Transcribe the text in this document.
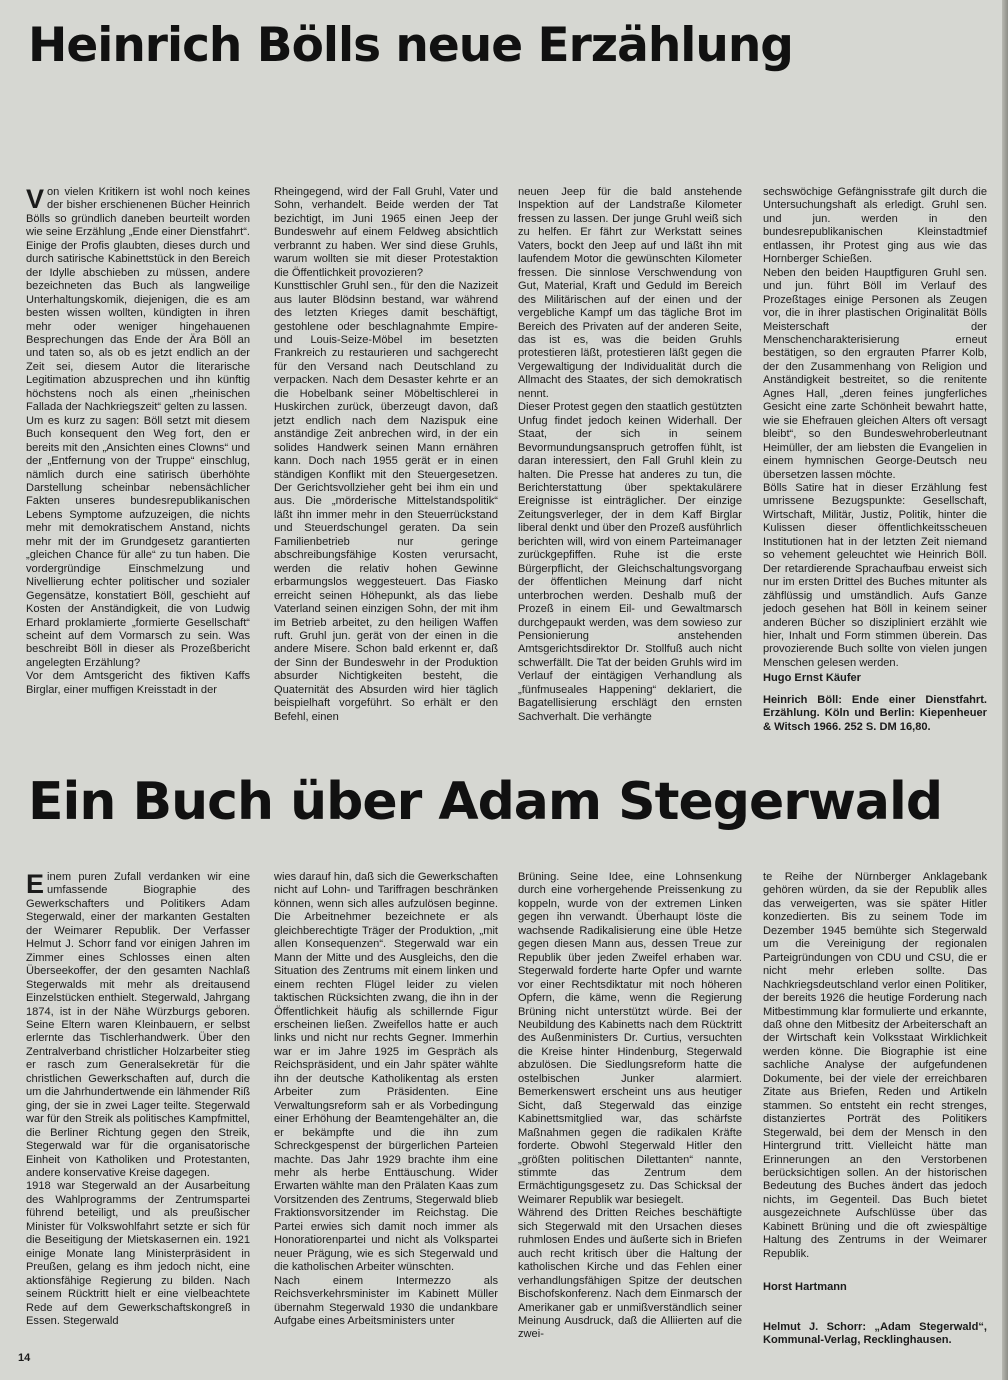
Heinrich Bölls neue Erzählung

Von vielen Kritikern ist wohl noch keines der bisher erschienenen Bücher Heinrich Bölls so gründlich daneben beurteilt worden wie seine Erzählung „Ende einer Dienstfahrt“. Einige der Profis glaubten, dieses durch und durch satirische Kabinettstück in den Bereich der Idylle abschieben zu müssen, andere bezeichneten das Buch als langweilige Unterhaltungskomik, diejenigen, die es am besten wissen wollten, kündigten in ihren mehr oder weniger hingehauenen Besprechungen das Ende der Ära Böll an und taten so, als ob es jetzt endlich an der Zeit sei, diesem Autor die literarische Legitimation abzusprechen und ihn künftig höchstens noch als einen „rheinischen Fallada der Nachkriegszeit“ gelten zu lassen.
Um es kurz zu sagen: Böll setzt mit diesem Buch konsequent den Weg fort, den er bereits mit den „Ansichten eines Clowns“ und der „Entfernung von der Truppe“ einschlug, nämlich durch eine satirisch überhöhte Darstellung scheinbar nebensächlicher Fakten unseres bundesrepublikanischen Lebens Symptome aufzuzeigen, die nichts mehr mit demokratischem Anstand, nichts mehr mit der im Grundgesetz garantierten „gleichen Chance für alle“ zu tun haben. Die vordergründige Einschmelzung und Nivellierung echter politischer und sozialer Gegensätze, konstatiert Böll, geschieht auf Kosten der Anständigkeit, die von Ludwig Erhard proklamierte „formierte Gesellschaft“ scheint auf dem Vormarsch zu sein. Was beschreibt Böll in dieser als Prozeßbericht angelegten Erzählung?
Vor dem Amtsgericht des fiktiven Kaffs Birglar, einer muffigen Kreisstadt in der

Rheingegend, wird der Fall Gruhl, Vater und Sohn, verhandelt. Beide werden der Tat bezichtigt, im Juni 1965 einen Jeep der Bundeswehr auf einem Feldweg absichtlich verbrannt zu haben. Wer sind diese Gruhls, warum wollten sie mit dieser Protestaktion die Öffentlichkeit provozieren?
Kunsttischler Gruhl sen., für den die Nazizeit aus lauter Blödsinn bestand, war während des letzten Krieges damit beschäftigt, gestohlene oder beschlagnahmte Empire- und Louis-Seize-Möbel im besetzten Frankreich zu restaurieren und sachgerecht für den Versand nach Deutschland zu verpacken. Nach dem Desaster kehrte er an die Hobelbank seiner Möbeltischlerei in Huskirchen zurück, überzeugt davon, daß jetzt endlich nach dem Nazispuk eine anständige Zeit anbrechen wird, in der ein solides Handwerk seinen Mann ernähren kann. Doch nach 1955 gerät er in einen ständigen Konflikt mit den Steuergesetzen. Der Gerichtsvollzieher geht bei ihm ein und aus. Die „mörderische Mittelstandspolitik“ läßt ihn immer mehr in den Steuerrückstand und Steuerdschungel geraten. Da sein Familienbetrieb nur geringe abschreibungsfähige Kosten verursacht, werden die relativ hohen Gewinne erbarmungslos weggesteuert. Das Fiasko erreicht seinen Höhepunkt, als das liebe Vaterland seinen einzigen Sohn, der mit ihm im Betrieb arbeitet, zu den heiligen Waffen ruft. Gruhl jun. gerät von der einen in die andere Misere. Schon bald erkennt er, daß der Sinn der Bundeswehr in der Produktion absurder Nichtigkeiten besteht, die Quaternität des Absurden wird hier täglich beispielhaft vorgeführt. So erhält er den Befehl, einen

neuen Jeep für die bald anstehende Inspektion auf der Landstraße Kilometer fressen zu lassen. Der junge Gruhl weiß sich zu helfen. Er fährt zur Werkstatt seines Vaters, bockt den Jeep auf und läßt ihn mit laufendem Motor die gewünschten Kilometer fressen. Die sinnlose Verschwendung von Gut, Material, Kraft und Geduld im Bereich des Militärischen auf der einen und der vergebliche Kampf um das tägliche Brot im Bereich des Privaten auf der anderen Seite, das ist es, was die beiden Gruhls protestieren läßt, protestieren läßt gegen die Vergewaltigung der Individualität durch die Allmacht des Staates, der sich demokratisch nennt.
Dieser Protest gegen den staatlich gestützten Unfug findet jedoch keinen Widerhall. Der Staat, der sich in seinem Bevormundungsanspruch getroffen fühlt, ist daran interessiert, den Fall Gruhl klein zu halten. Die Presse hat anderes zu tun, die Berichterstattung über spektakulärere Ereignisse ist einträglicher. Der einzige Zeitungsverleger, der in dem Kaff Birglar liberal denkt und über den Prozeß ausführlich berichten will, wird von einem Parteimanager zurückgepfiffen. Ruhe ist die erste Bürgerpflicht, der Gleichschaltungsvorgang der öffentlichen Meinung darf nicht unterbrochen werden. Deshalb muß der Prozeß in einem Eil- und Gewaltmarsch durchgepaukt werden, was dem sowieso zur Pensionierung anstehenden Amtsgerichtsdirektor Dr. Stollfuß auch nicht schwerfällt. Die Tat der beiden Gruhls wird im Verlauf der eintägigen Verhandlung als „fünfmuseales Happening“ deklariert, die Bagatellisierung erschlägt den ernsten Sachverhalt. Die verhängte

sechswöchige Gefängnisstrafe gilt durch die Untersuchungshaft als erledigt. Gruhl sen. und jun. werden in den bundesrepublikanischen Kleinstadtmief entlassen, ihr Protest ging aus wie das Hornberger Schießen.
Neben den beiden Hauptfiguren Gruhl sen. und jun. führt Böll im Verlauf des Prozeßtages einige Personen als Zeugen vor, die in ihrer plastischen Originalität Bölls Meisterschaft der Menschencharakterisierung erneut bestätigen, so den ergrauten Pfarrer Kolb, der den Zusammenhang von Religion und Anständigkeit bestreitet, so die renitente Agnes Hall, „deren feines jungferliches Gesicht eine zarte Schönheit bewahrt hatte, wie sie Ehefrauen gleichen Alters oft versagt bleibt“, so den Bundeswehroberleutnant Heimüller, der am liebsten die Evangelien in einem hymnischen George-Deutsch neu übersetzen lassen möchte.
Bölls Satire hat in dieser Erzählung fest umrissene Bezugspunkte: Gesellschaft, Wirtschaft, Militär, Justiz, Politik, hinter die Kulissen dieser öffentlichkeitsscheuen Institutionen hat in der letzten Zeit niemand so vehement geleuchtet wie Heinrich Böll. Der retardierende Sprachaufbau erweist sich nur im ersten Drittel des Buches mitunter als zähflüssig und umständlich. Aufs Ganze jedoch gesehen hat Böll in keinem seiner anderen Bücher so diszipliniert erzählt wie hier, Inhalt und Form stimmen überein. Das provozierende Buch sollte von vielen jungen Menschen gelesen werden.

Hugo Ernst Käufer

Heinrich Böll: Ende einer Dienstfahrt. Erzählung. Köln und Berlin: Kiepenheuer & Witsch 1966. 252 S. DM 16,80.

Ein Buch über Adam Stegerwald

Einem puren Zufall verdanken wir eine umfassende Biographie des Gewerkschafters und Politikers Adam Stegerwald, einer der markanten Gestalten der Weimarer Republik. Der Verfasser Helmut J. Schorr fand vor einigen Jahren im Zimmer eines Schlosses einen alten Überseekoffer, der den gesamten Nachlaß Stegerwalds mit mehr als dreitausend Einzelstücken enthielt. Stegerwald, Jahrgang 1874, ist in der Nähe Würzburgs geboren. Seine Eltern waren Kleinbauern, er selbst erlernte das Tischlerhandwerk. Über den Zentralverband christlicher Holzarbeiter stieg er rasch zum Generalsekretär für die christlichen Gewerkschaften auf, durch die um die Jahrhundertwende ein lähmender Riß ging, der sie in zwei Lager teilte. Stegerwald war für den Streik als politisches Kampfmittel, die Berliner Richtung gegen den Streik, Stegerwald war für die organisatorische Einheit von Katholiken und Protestanten, andere konservative Kreise dagegen.
1918 war Stegerwald an der Ausarbeitung des Wahlprogramms der Zentrumspartei führend beteiligt, und als preußischer Minister für Volkswohlfahrt setzte er sich für die Beseitigung der Mietskasernen ein. 1921 einige Monate lang Ministerpräsident in Preußen, gelang es ihm jedoch nicht, eine aktionsfähige Regierung zu bilden. Nach seinem Rücktritt hielt er eine vielbeachtete Rede auf dem Gewerkschaftskongreß in Essen. Stegerwald

wies darauf hin, daß sich die Gewerkschaften nicht auf Lohn- und Tariffragen beschränken können, wenn sich alles aufzulösen beginne. Die Arbeitnehmer bezeichnete er als gleichberechtigte Träger der Produktion, „mit allen Konsequenzen“. Stegerwald war ein Mann der Mitte und des Ausgleichs, den die Situation des Zentrums mit einem linken und einem rechten Flügel leider zu vielen taktischen Rücksichten zwang, die ihn in der Öffentlichkeit häufig als schillernde Figur erscheinen ließen. Zweifellos hatte er auch links und nicht nur rechts Gegner. Immerhin war er im Jahre 1925 im Gespräch als Reichspräsident, und ein Jahr später wählte ihn der deutsche Katholikentag als ersten Arbeiter zum Präsidenten. Eine Verwaltungsreform sah er als Vorbedingung einer Erhöhung der Beamtengehälter an, die er bekämpfte und die ihn zum Schreckgespenst der bürgerlichen Parteien machte. Das Jahr 1929 brachte ihm eine mehr als herbe Enttäuschung. Wider Erwarten wählte man den Prälaten Kaas zum Vorsitzenden des Zentrums, Stegerwald blieb Fraktionsvorsitzender im Reichstag. Die Partei erwies sich damit noch immer als Honoratiorenpartei und nicht als Volkspartei neuer Prägung, wie es sich Stegerwald und die katholischen Arbeiter wünschten.
Nach einem Intermezzo als Reichsverkehrsminister im Kabinett Müller übernahm Stegerwald 1930 die undankbare Aufgabe eines Arbeitsministers unter

Brüning. Seine Idee, eine Lohnsenkung durch eine vorhergehende Preissenkung zu koppeln, wurde von der extremen Linken gegen ihn verwandt. Überhaupt löste die wachsende Radikalisierung eine üble Hetze gegen diesen Mann aus, dessen Treue zur Republik über jeden Zweifel erhaben war. Stegerwald forderte harte Opfer und warnte vor einer Rechtsdiktatur mit noch höheren Opfern, die käme, wenn die Regierung Brüning nicht unterstützt würde. Bei der Neubildung des Kabinetts nach dem Rücktritt des Außenministers Dr. Curtius, versuchten die Kreise hinter Hindenburg, Stegerwald abzulösen. Die Siedlungsreform hatte die ostelbischen Junker alarmiert. Bemerkenswert erscheint uns aus heutiger Sicht, daß Stegerwald das einzige Kabinettsmitglied war, das schärfste Maßnahmen gegen die radikalen Kräfte forderte. Obwohl Stegerwald Hitler den „größten politischen Dilettanten“ nannte, stimmte das Zentrum dem Ermächtigungsgesetz zu. Das Schicksal der Weimarer Republik war besiegelt.
Während des Dritten Reiches beschäftigte sich Stegerwald mit den Ursachen dieses ruhmlosen Endes und äußerte sich in Briefen auch recht kritisch über die Haltung der katholischen Kirche und das Fehlen einer verhandlungsfähigen Spitze der deutschen Bischofskonferenz. Nach dem Einmarsch der Amerikaner gab er unmißverständlich seiner Meinung Ausdruck, daß die Alliierten auf die zwei-

te Reihe der Nürnberger Anklagebank gehören würden, da sie der Republik alles das verweigerten, was sie später Hitler konzedierten. Bis zu seinem Tode im Dezember 1945 bemühte sich Stegerwald um die Vereinigung der regionalen Parteigründungen von CDU und CSU, die er nicht mehr erleben sollte. Das Nachkriegsdeutschland verlor einen Politiker, der bereits 1926 die heutige Forderung nach Mitbestimmung klar formulierte und erkannte, daß ohne den Mitbesitz der Arbeiterschaft an der Wirtschaft kein Volksstaat Wirklichkeit werden könne. Die Biographie ist eine sachliche Analyse der aufgefundenen Dokumente, bei der viele der erreichbaren Zitate aus Briefen, Reden und Artikeln stammen. So entsteht ein recht strenges, distanziertes Porträt des Politikers Stegerwald, bei dem der Mensch in den Hintergrund tritt. Vielleicht hätte man Erinnerungen an den Verstorbenen berücksichtigen sollen. An der historischen Bedeutung des Buches ändert das jedoch nichts, im Gegenteil. Das Buch bietet ausgezeichnete Aufschlüsse über das Kabinett Brüning und die oft zwiespältige Haltung des Zentrums in der Weimarer Republik.

Horst Hartmann

Helmut J. Schorr: „Adam Stegerwald“, Kommunal-Verlag, Recklinghausen.

14
